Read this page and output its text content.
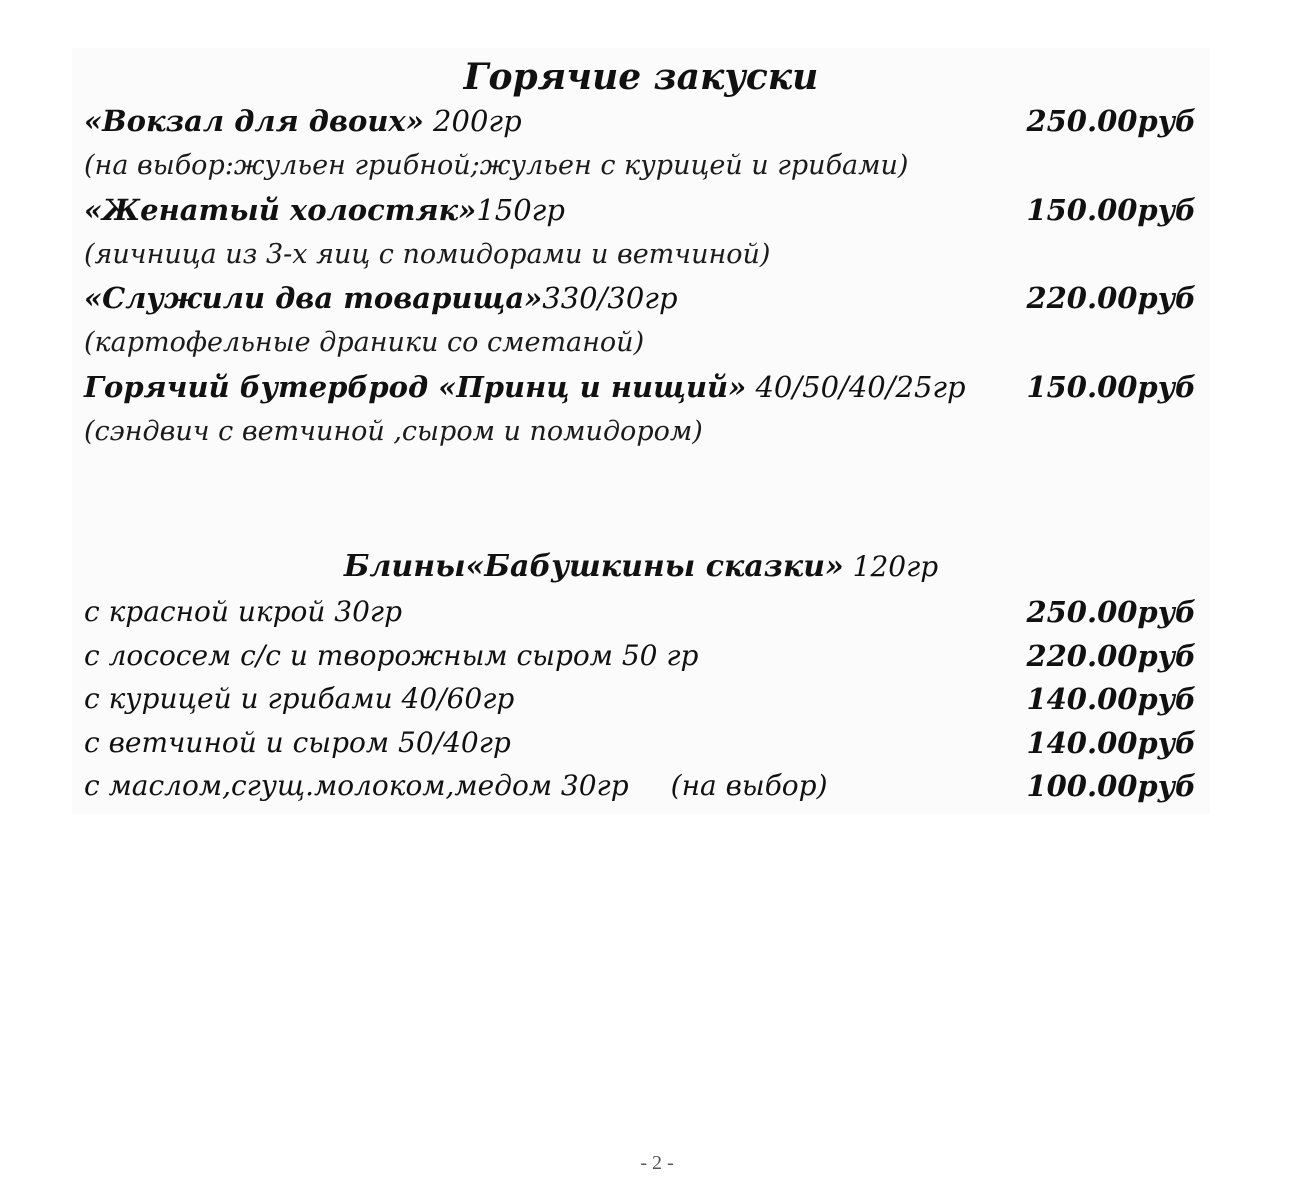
Горячие закуски
«Вокзал для двоих» 200гр	250.00руб
(на выбор:жульен грибной;жульен с курицей и грибами)
«Женатый холостяк»150гр	150.00руб
(яичница из 3-х яиц с помидорами и ветчиной)
«Служили два товарища»330/30гр	220.00руб
(картофельные драники со сметаной)
Горячий бутерброд «Принц и нищий» 40/50/40/25гр 150.00руб
(сэндвич с ветчиной ,сыром и помидором)
Блины«Бабушкины сказки» 120гр
с красной икрой 30гр	250.00руб
с лососем с/с и творожным сыром 50 гр	220.00руб
с курицей и грибами 40/60гр	140.00руб
с ветчиной и сыром 50/40гр	140.00руб
с маслом,сгущ.молоком,медом 30гр (на выбор)	100.00руб
- 2 -
